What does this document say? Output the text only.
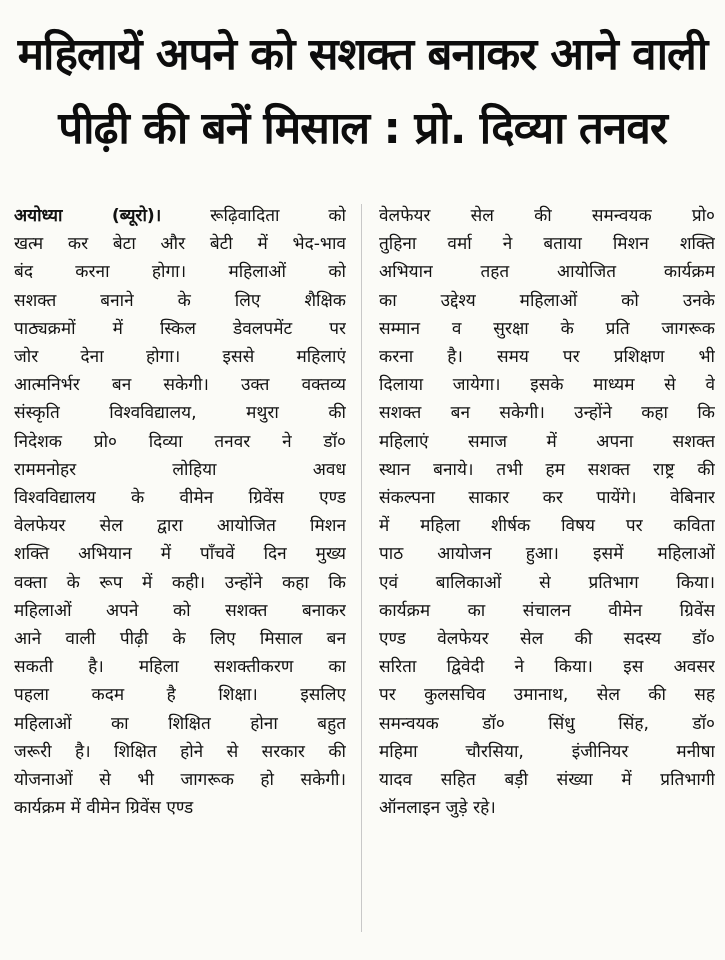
महिलायें अपने को सशक्त बनाकर आने वाली
पीढ़ी की बनें मिसाल : प्रो. दिव्या तनवर
अयोध्या (ब्यूरो)। रूढ़िवादिता को
खत्म कर बेटा और बेटी में भेद-भाव
बंद करना होगा। महिलाओं को
सशक्त बनाने के लिए शैक्षिक
पाठ्यक्रमों में स्किल डेवलपमेंट पर
जोर देना होगा। इससे महिलाएं
आत्मनिर्भर बन सकेगी। उक्त वक्तव्य
संस्कृति विश्वविद्यालय, मथुरा की
निदेशक प्रो० दिव्या तनवर ने डॉ०
राममनोहर लोहिया अवध
विश्वविद्यालय के वीमेन ग्रिवेंस एण्ड
वेलफेयर सेल द्वारा आयोजित मिशन
शक्ति अभियान में पाँचवें दिन मुख्य
वक्ता के रूप में कही। उन्होंने कहा कि
महिलाओं अपने को सशक्त बनाकर
आने वाली पीढ़ी के लिए मिसाल बन
सकती है। महिला सशक्तीकरण का
पहला कदम है शिक्षा। इसलिए
महिलाओं का शिक्षित होना बहुत
जरूरी है। शिक्षित होने से सरकार की
योजनाओं से भी जागरूक हो सकेगी।
कार्यक्रम में वीमेन ग्रिवेंस एण्ड
वेलफेयर सेल की समन्वयक प्रो०
तुहिना वर्मा ने बताया मिशन शक्ति
अभियान तहत आयोजित कार्यक्रम
का उद्देश्य महिलाओं को उनके
सम्मान व सुरक्षा के प्रति जागरूक
करना है। समय पर प्रशिक्षण भी
दिलाया जायेगा। इसके माध्यम से वे
सशक्त बन सकेगी। उन्होंने कहा कि
महिलाएं समाज में अपना सशक्त
स्थान बनाये। तभी हम सशक्त राष्ट्र की
संकल्पना साकार कर पायेंगे। वेबिनार
में महिला शीर्षक विषय पर कविता
पाठ आयोजन हुआ। इसमें महिलाओं
एवं बालिकाओं से प्रतिभाग किया।
कार्यक्रम का संचालन वीमेन ग्रिवेंस
एण्ड वेलफेयर सेल की सदस्य डॉ०
सरिता द्विवेदी ने किया। इस अवसर
पर कुलसचिव उमानाथ, सेल की सह
समन्वयक डॉ० सिंधु सिंह, डॉ०
महिमा चौरसिया, इंजीनियर मनीषा
यादव सहित बड़ी संख्या में प्रतिभागी
ऑनलाइन जुड़े रहे।
